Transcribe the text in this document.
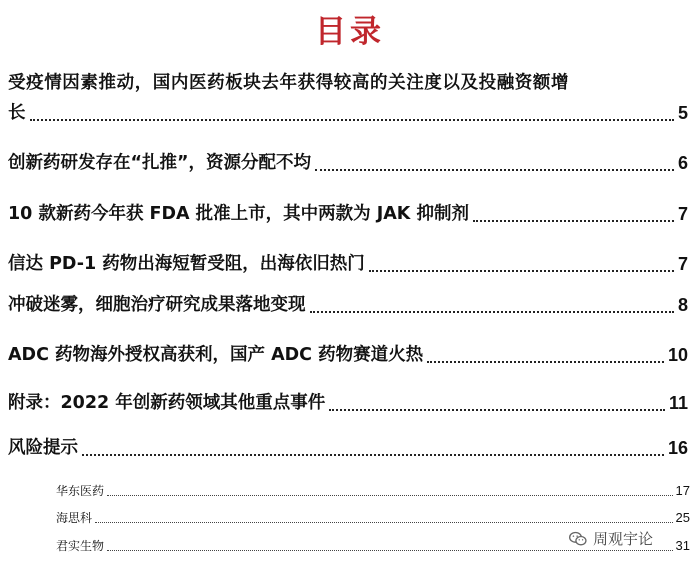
目录
受疫情因素推动，国内医药板块去年获得较高的关注度以及投融资额增
长	5
创新药研发存在“扎推”，资源分配不均	6
10 款新药今年获 FDA 批准上市，其中两款为 JAK 抑制剂	7
信达 PD-1 药物出海短暂受阻，出海依旧热门	7
冲破迷雾，细胞治疗研究成果落地变现	8
ADC 药物海外授权高获利，国产 ADC 药物赛道火热	10
附录：2022 年创新药领域其他重点事件	11
风险提示	16
华东医药	17
海思科	25
君实生物	31
周观宇论
